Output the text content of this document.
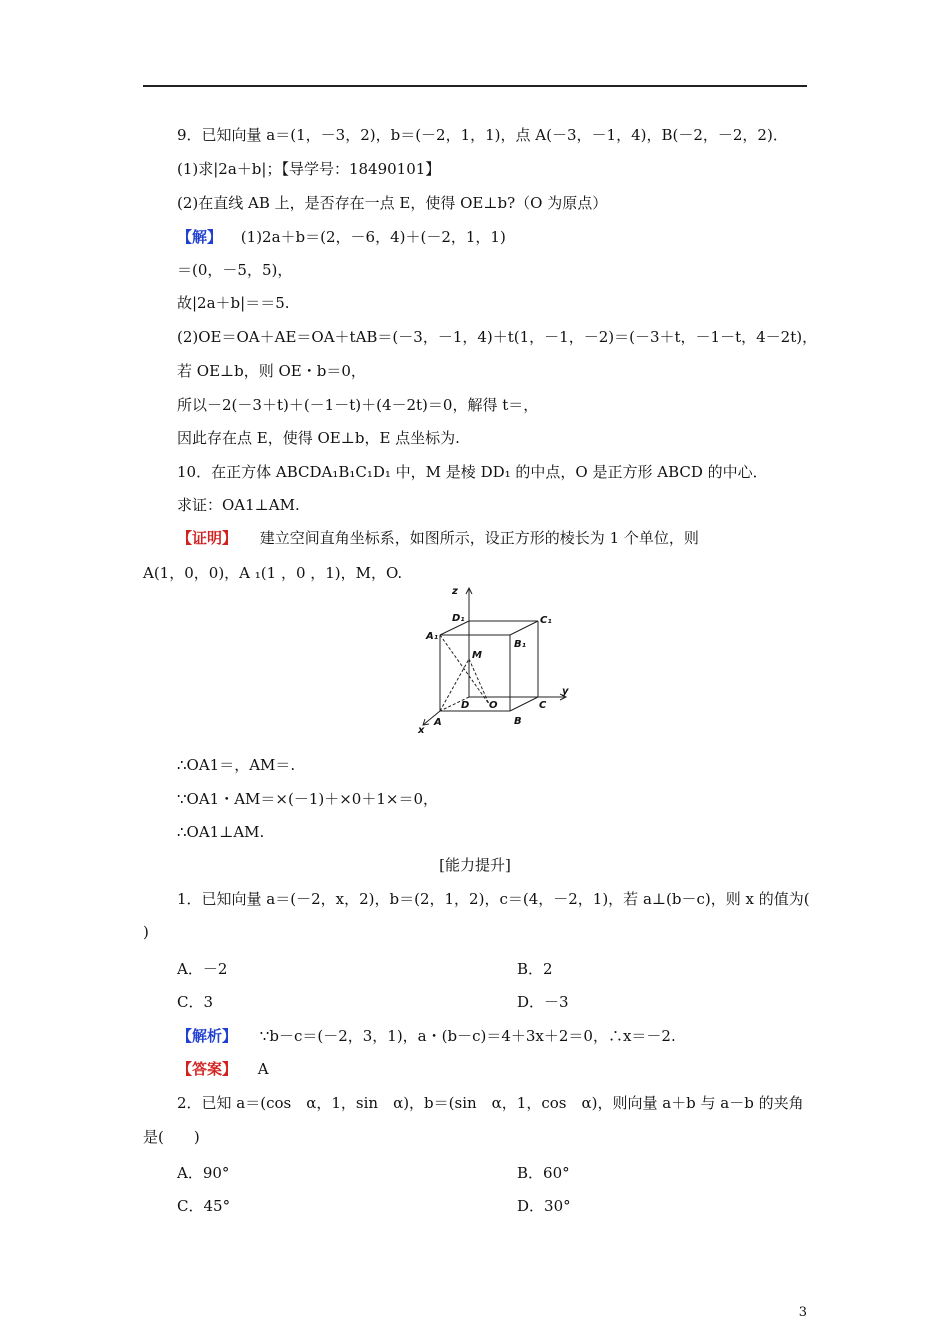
9．已知向量 a＝(1，－3，2)，b＝(－2，1，1)，点 A(－3，－1，4)，B(－2，－2，2)．
(1)求|2a＋b|；【导学号：18490101】
(2)在直线 AB 上，是否存在一点 E，使得 OE⊥b?（O 为原点）
【解】 (1)2a＋b＝(2，－6，4)＋(－2，1，1)
＝(0，－5，5)，
故|2a＋b|＝＝5.
(2)OE＝OA＋AE＝OA＋tAB＝(－3，－1，4)＋t(1，－1，－2)＝(－3＋t，－1－t，4－2t)，
若 OE⊥b，则 OE・b＝0，
所以－2(－3＋t)＋(－1－t)＋(4－2t)＝0，解得 t＝，
因此存在点 E，使得 OE⊥b，E 点坐标为.
10．在正方体 ABCDA₁B₁C₁D₁ 中，M 是棱 DD₁ 的中点，O 是正方形 ABCD 的中心．
求证：OA1⊥AM.
【证明】 建立空间直角坐标系，如图所示，设正方形的棱长为 1 个单位，则
A(1，0，0)，A ₁(1 ，0 ，1)，M，O.
z
y
x
D₁	C₁
A₁
B₁
M
D O	C
A	B
∴OA1＝，AM＝.
∵OA1・AM＝×(－1)＋×0＋1×＝0，
∴OA1⊥AM.
[能力提升]
1．已知向量 a＝(－2，x，2)，b＝(2，1，2)，c＝(4，－2，1)，若 a⊥(b－c)，则 x 的值为(
)
A．－2	B．2
C．3	D．－3
【解析】 ∵b－c＝(－2，3，1)，a・(b－c)＝4＋3x＋2＝0，∴x＝－2.
【答案】 A
2．已知 a＝(cos　α，1，sin　α)，b＝(sin　α，1，cos　α)，则向量 a＋b 与 a－b 的夹角
是(　　)
A．90°	B．60°
C．45°	D．30°
3
